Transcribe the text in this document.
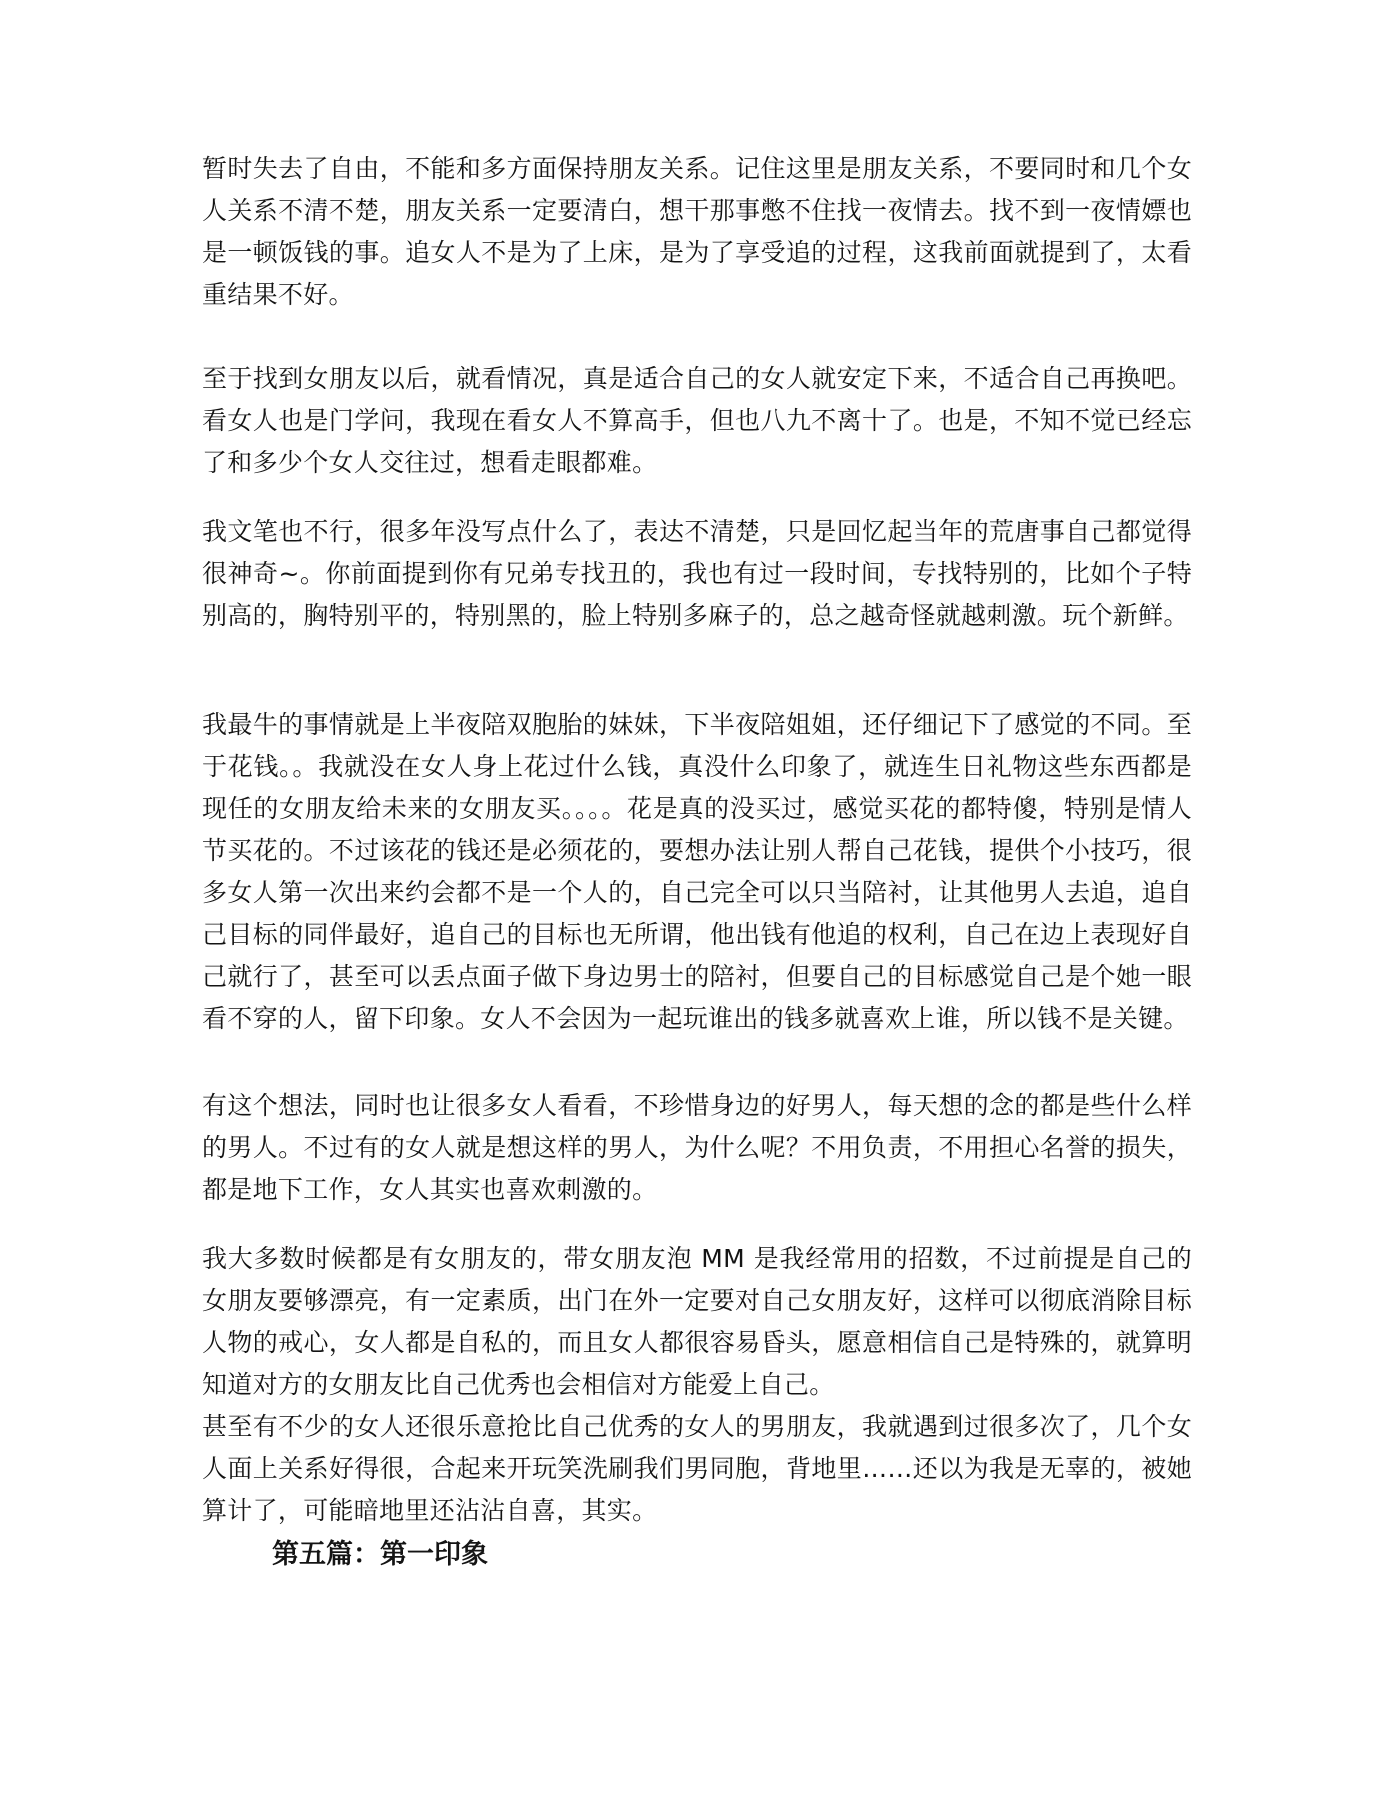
暂时失去了自由，不能和多方面保持朋友关系。记住这里是朋友关系，不要同时和几个女人关系不清不楚，朋友关系一定要清白，想干那事憋不住找一夜情去。找不到一夜情嫖也是一顿饭钱的事。追女人不是为了上床，是为了享受追的过程，这我前面就提到了，太看重结果不好。

至于找到女朋友以后，就看情况，真是适合自己的女人就安定下来，不适合自己再换吧。看女人也是门学问，我现在看女人不算高手，但也八九不离十了。也是，不知不觉已经忘了和多少个女人交往过，想看走眼都难。

我文笔也不行，很多年没写点什么了，表达不清楚，只是回忆起当年的荒唐事自己都觉得很神奇~。你前面提到你有兄弟专找丑的，我也有过一段时间，专找特别的，比如个子特别高的，胸特别平的，特别黑的，脸上特别多麻子的，总之越奇怪就越刺激。玩个新鲜。

我最牛的事情就是上半夜陪双胞胎的妹妹，下半夜陪姐姐，还仔细记下了感觉的不同。至于花钱。。我就没在女人身上花过什么钱，真没什么印象了，就连生日礼物这些东西都是现任的女朋友给未来的女朋友买。。。。花是真的没买过，感觉买花的都特傻，特别是情人节买花的。不过该花的钱还是必须花的，要想办法让别人帮自己花钱，提供个小技巧，很多女人第一次出来约会都不是一个人的，自己完全可以只当陪衬，让其他男人去追，追自己目标的同伴最好，追自己的目标也无所谓，他出钱有他追的权利，自己在边上表现好自己就行了，甚至可以丢点面子做下身边男士的陪衬，但要自己的目标感觉自己是个她一眼看不穿的人，留下印象。女人不会因为一起玩谁出的钱多就喜欢上谁，所以钱不是关键。

有这个想法，同时也让很多女人看看，不珍惜身边的好男人，每天想的念的都是些什么样的男人。不过有的女人就是想这样的男人，为什么呢？不用负责，不用担心名誉的损失，都是地下工作，女人其实也喜欢刺激的。

我大多数时候都是有女朋友的，带女朋友泡 MM 是我经常用的招数，不过前提是自己的女朋友要够漂亮，有一定素质，出门在外一定要对自己女朋友好，这样可以彻底消除目标人物的戒心，女人都是自私的，而且女人都很容易昏头，愿意相信自己是特殊的，就算明知道对方的女朋友比自己优秀也会相信对方能爱上自己。

甚至有不少的女人还很乐意抢比自己优秀的女人的男朋友，我就遇到过很多次了，几个女人面上关系好得很，合起来开玩笑洗刷我们男同胞，背地里……还以为我是无辜的，被她算计了，可能暗地里还沾沾自喜，其实。

第五篇：第一印象
